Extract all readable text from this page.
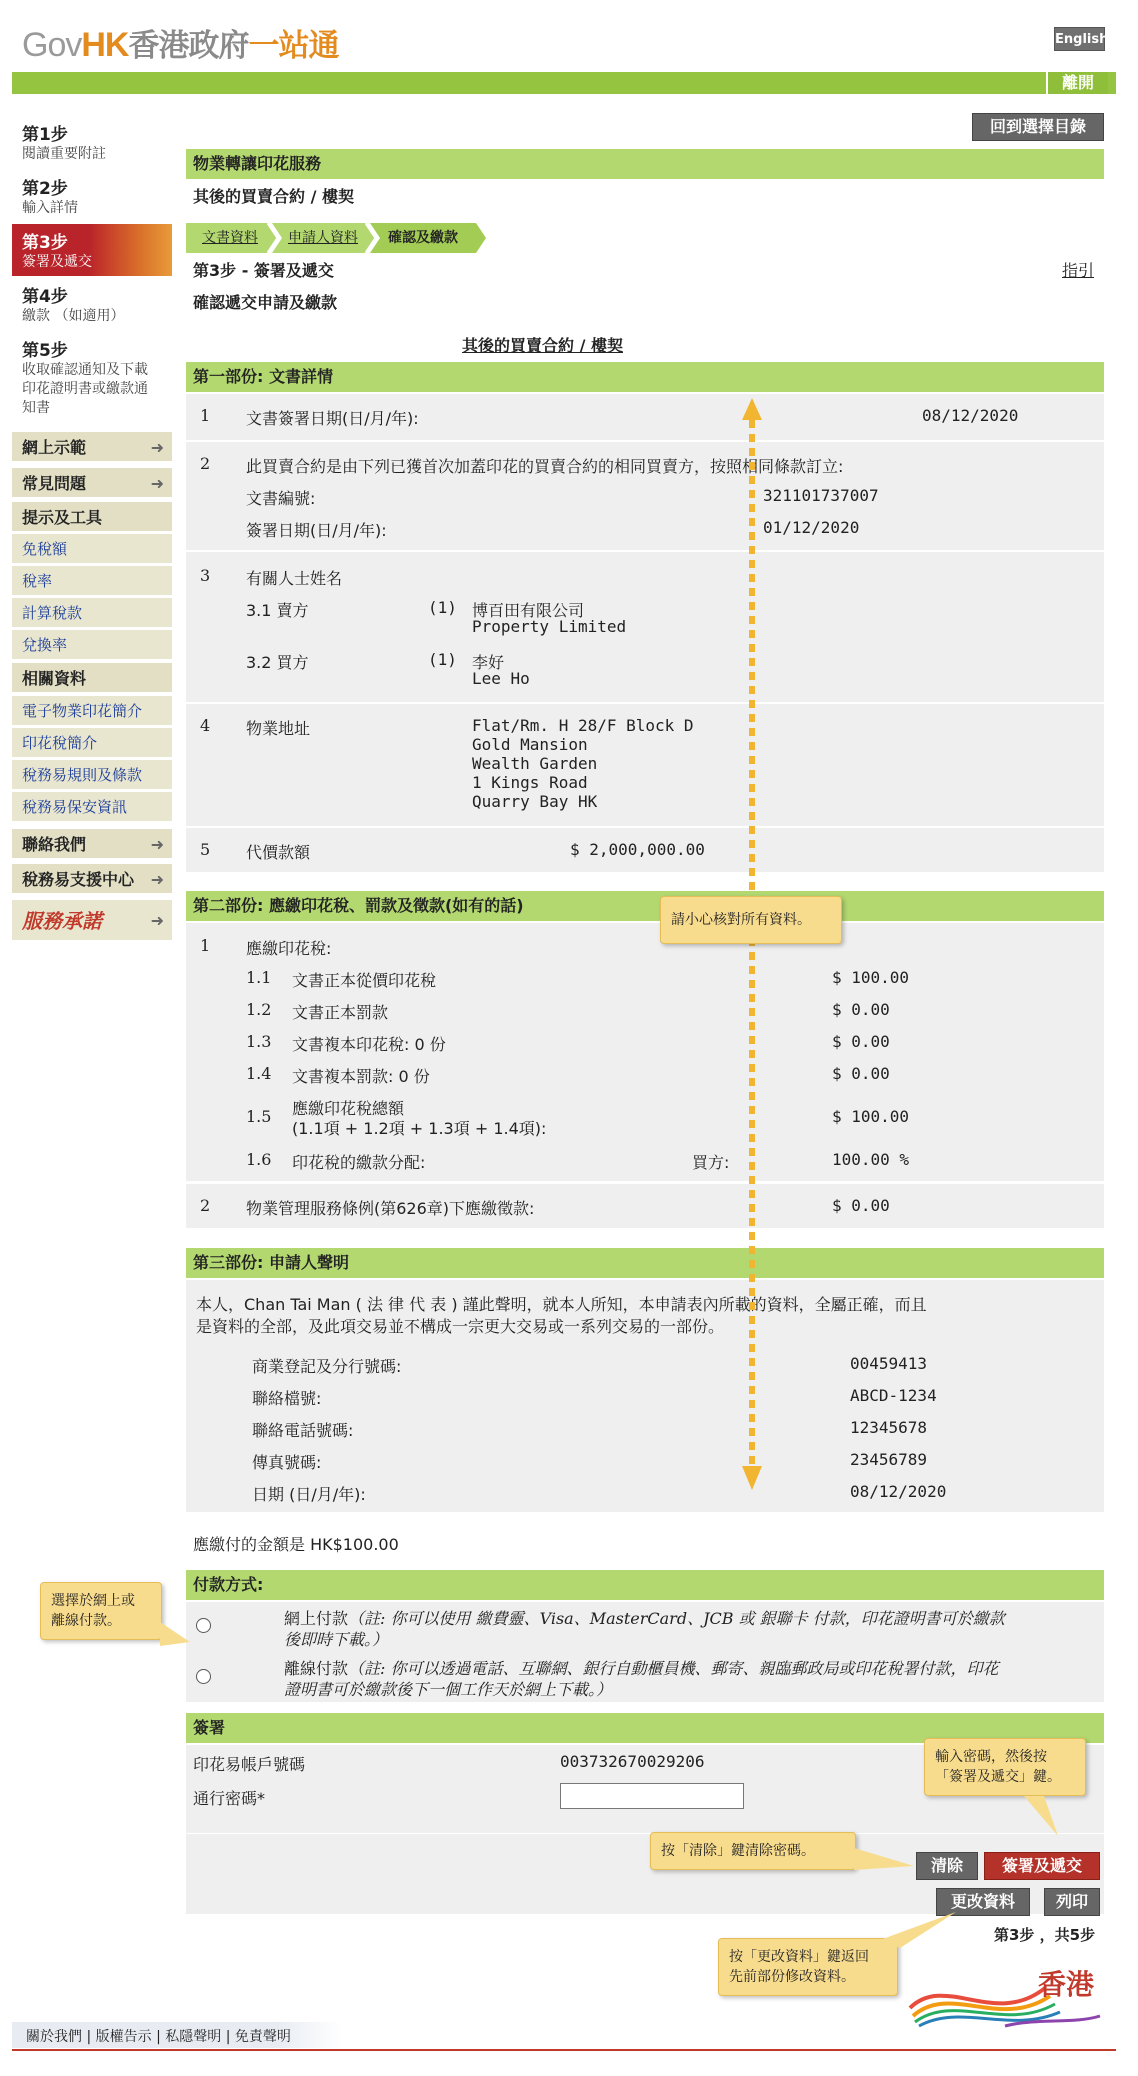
GovHK香港政府一站通	English
離開
第1步
閱讀重要附註
第2步
輸入詳情
第3步
簽署及遞交
第4步
繳款 （如適用）
第5步
收取確認通知及下載
印花證明書或繳款通
知書
網上示範	➜
常見問題	➜
提示及工具
免稅額
稅率
計算稅款
兌換率
相關資料
電子物業印花簡介
印花稅簡介
稅務易規則及條款
稅務易保安資訊
聯絡我們	➜
稅務易支援中心 ➜
服務承諾	➜
回到選擇目錄
物業轉讓印花服務
其後的買賣合約 / 樓契
文書資料	申請人資料	確認及繳款
第3步 - 簽署及遞交	指引
確認遞交申請及繳款
其後的買賣合約 / 樓契
第一部份: 文書詳情
1 文書簽署日期(日/月/年):	08/12/2020
2 此買賣合約是由下列已獲首次加蓋印花的買賣合約的相同買賣方，按照相同條款訂立:
文書編號:	321101737007
簽署日期(日/月/年):	01/12/2020
3 有關人士姓名
3.1 賣方	(1) 博百田有限公司
Property Limited
3.2 買方	(1) 李好
Lee Ho
4 物業地址	Flat/Rm. H 28/F Block D
Gold Mansion
Wealth Garden
1 Kings Road
Quarry Bay HK
5 代價款額	$ 2,000,000.00
第二部份: 應繳印花稅、罰款及徵款(如有的話)
1 應繳印花稅:
1.1 文書正本從價印花稅	$ 100.00
1.2 文書正本罰款	$ 0.00
1.3 文書複本印花稅: 0 份	$ 0.00
1.4 文書複本罰款: 0 份	$ 0.00
1.5 應繳印花稅總額
(1.1項 + 1.2項 + 1.3項 + 1.4項):
$ 100.00
1.6 印花稅的繳款分配:	買方:	100.00 %
2 物業管理服務條例(第626章)下應繳徵款:	$ 0.00
第三部份: 申請人聲明
本人，Chan Tai Man ( 法 律 代 表 ) 謹此聲明，就本人所知，本申請表內所載的資料，全屬正確，而且
是資料的全部，及此項交易並不構成一宗更大交易或一系列交易的一部份。
商業登記及分行號碼:	00459413
聯絡檔號:	ABCD-1234
聯絡電話號碼:	12345678
傳真號碼:	23456789
日期 (日/月/年):	08/12/2020
應繳付的金額是 HK$100.00
付款方式:
網上付款（註: 你可以使用 繳費靈、Visa、MasterCard、JCB 或 銀聯卡 付款，印花證明書可於繳款
後即時下載。）
離線付款（註: 你可以透過電話、互聯網、銀行自動櫃員機、郵寄、親臨郵政局或印花稅署付款，印花
證明書可於繳款後下一個工作天於網上下載。）
簽署
印花易帳戶號碼	003732670029206
通行密碼*
清除	簽署及遞交
更改資料	列印
第3步 ，共5步
請小心核對所有資料。
選擇於網上或
離線付款。
輸入密碼，然後按
「簽署及遞交」鍵。
按「清除」鍵清除密碼。
按「更改資料」鍵返回
先前部份修改資料。
關於我們 | 版權告示 | 私隱聲明 | 免責聲明
香港
